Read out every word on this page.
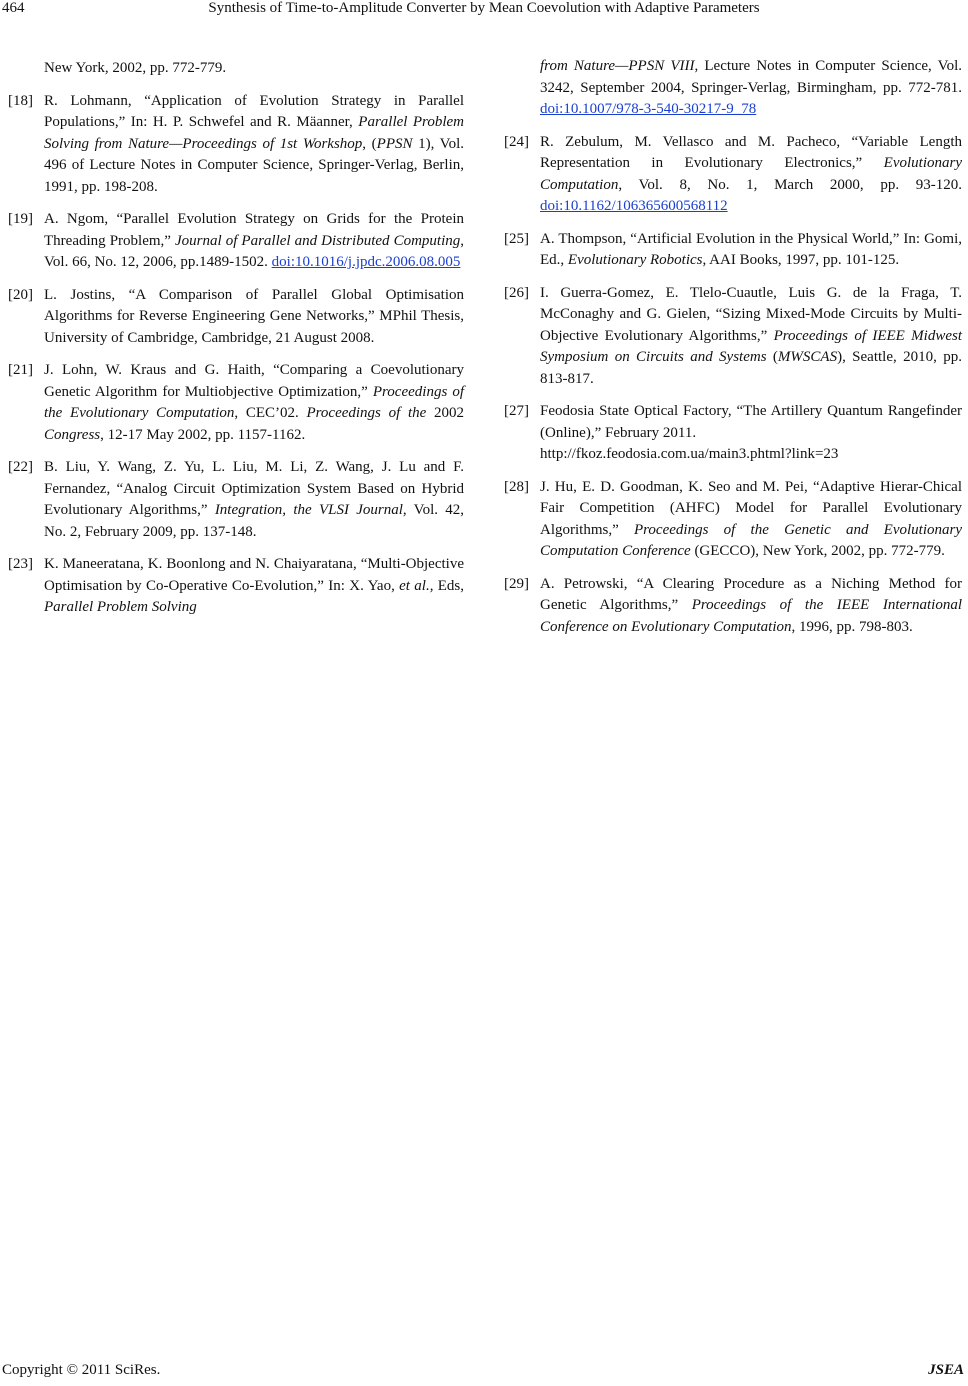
464	Synthesis of Time-to-Amplitude Converter by Mean Coevolution with Adaptive Parameters
New York, 2002, pp. 772-779.
[18] R. Lohmann, “Application of Evolution Strategy in Parallel Populations,” In: H. P. Schwefel and R. Mäanner, Parallel Problem Solving from Nature—Proceedings of 1st Workshop, (PPSN 1), Vol. 496 of Lecture Notes in Computer Science, Springer-Verlag, Berlin, 1991, pp. 198-208.
[19] A. Ngom, “Parallel Evolution Strategy on Grids for the Protein Threading Problem,” Journal of Parallel and Distributed Computing, Vol. 66, No. 12, 2006, pp.1489-1502. doi:10.1016/j.jpdc.2006.08.005
[20] L. Jostins, “A Comparison of Parallel Global Optimisation Algorithms for Reverse Engineering Gene Networks,” MPhil Thesis, University of Cambridge, Cambridge, 21 August 2008.
[21] J. Lohn, W. Kraus and G. Haith, “Comparing a Coevolutionary Genetic Algorithm for Multiobjective Optimization,” Proceedings of the Evolutionary Computation, CEC’02. Proceedings of the 2002 Congress, 12-17 May 2002, pp. 1157-1162.
[22] B. Liu, Y. Wang, Z. Yu, L. Liu, M. Li, Z. Wang, J. Lu and F. Fernandez, “Analog Circuit Optimization System Based on Hybrid Evolutionary Algorithms,” Integration, the VLSI Journal, Vol. 42, No. 2, February 2009, pp. 137-148.
[23] K. Maneeratana, K. Boonlong and N. Chaiyaratana, “Multi-Objective Optimisation by Co-Operative Co-Evolution,” In: X. Yao, et al., Eds, Parallel Problem Solving
from Nature—PPSN VIII, Lecture Notes in Computer Science, Vol. 3242, September 2004, Springer-Verlag, Birmingham, pp. 772-781. doi:10.1007/978-3-540-30217-9_78
[24] R. Zebulum, M. Vellasco and M. Pacheco, “Variable Length Representation in Evolutionary Electronics,” Evolutionary Computation, Vol. 8, No. 1, March 2000, pp. 93-120. doi:10.1162/106365600568112
[25] A. Thompson, “Artificial Evolution in the Physical World,” In: Gomi, Ed., Evolutionary Robotics, AAI Books, 1997, pp. 101-125.
[26] I. Guerra-Gomez, E. Tlelo-Cuautle, Luis G. de la Fraga, T. McConaghy and G. Gielen, “Sizing Mixed-Mode Circuits by Multi-Objective Evolutionary Algorithms,” Proceedings of IEEE Midwest Symposium on Circuits and Systems (MWSCAS), Seattle, 2010, pp. 813-817.
[27] Feodosia State Optical Factory, “The Artillery Quantum Rangefinder (Online),” February 2011.
http://fkoz.feodosia.com.ua/main3.phtml?link=23
[28] J. Hu, E. D. Goodman, K. Seo and M. Pei, “Adaptive Hierar-Chical Fair Competition (AHFC) Model for Parallel Evolutionary Algorithms,” Proceedings of the Genetic and Evolutionary Computation Conference (GECCO), New York, 2002, pp. 772-779.
[29] A. Petrowski, “A Clearing Procedure as a Niching Method for Genetic Algorithms,” Proceedings of the IEEE International Conference on Evolutionary Computation, 1996, pp. 798-803.
Copyright © 2011 SciRes.	JSEA
